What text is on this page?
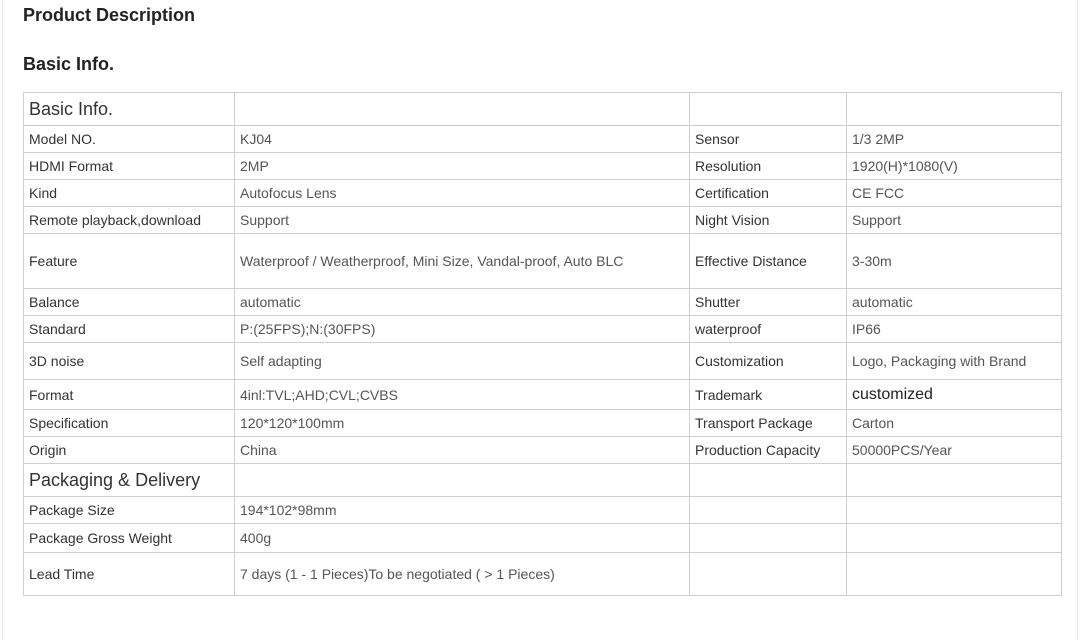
Product Description
Basic Info.
Basic Info.			
Model NO.	KJ04	Sensor	1/3 2MP
HDMI Format	2MP	Resolution	1920(H)*1080(V)
Kind	Autofocus Lens	Certification	CE FCC
Remote playback,download	Support	Night Vision	Support
Feature	Waterproof / Weatherproof, Mini Size, Vandal-proof, Auto BLC	Effective Distance	3-30m
Balance	automatic	Shutter	automatic
Standard	P:(25FPS);N:(30FPS)	waterproof	IP66
3D noise	Self adapting	Customization	Logo, Packaging with Brand
Format	4inl:TVL;AHD;CVL;CVBS	Trademark	customized
Specification	120*120*100mm	Transport Package	Carton
Origin	China	Production Capacity	50000PCS/Year
Packaging & Delivery			
Package Size	194*102*98mm		
Package Gross Weight	400g		
Lead Time	7 days (1 - 1 Pieces)To be negotiated ( > 1 Pieces)		
